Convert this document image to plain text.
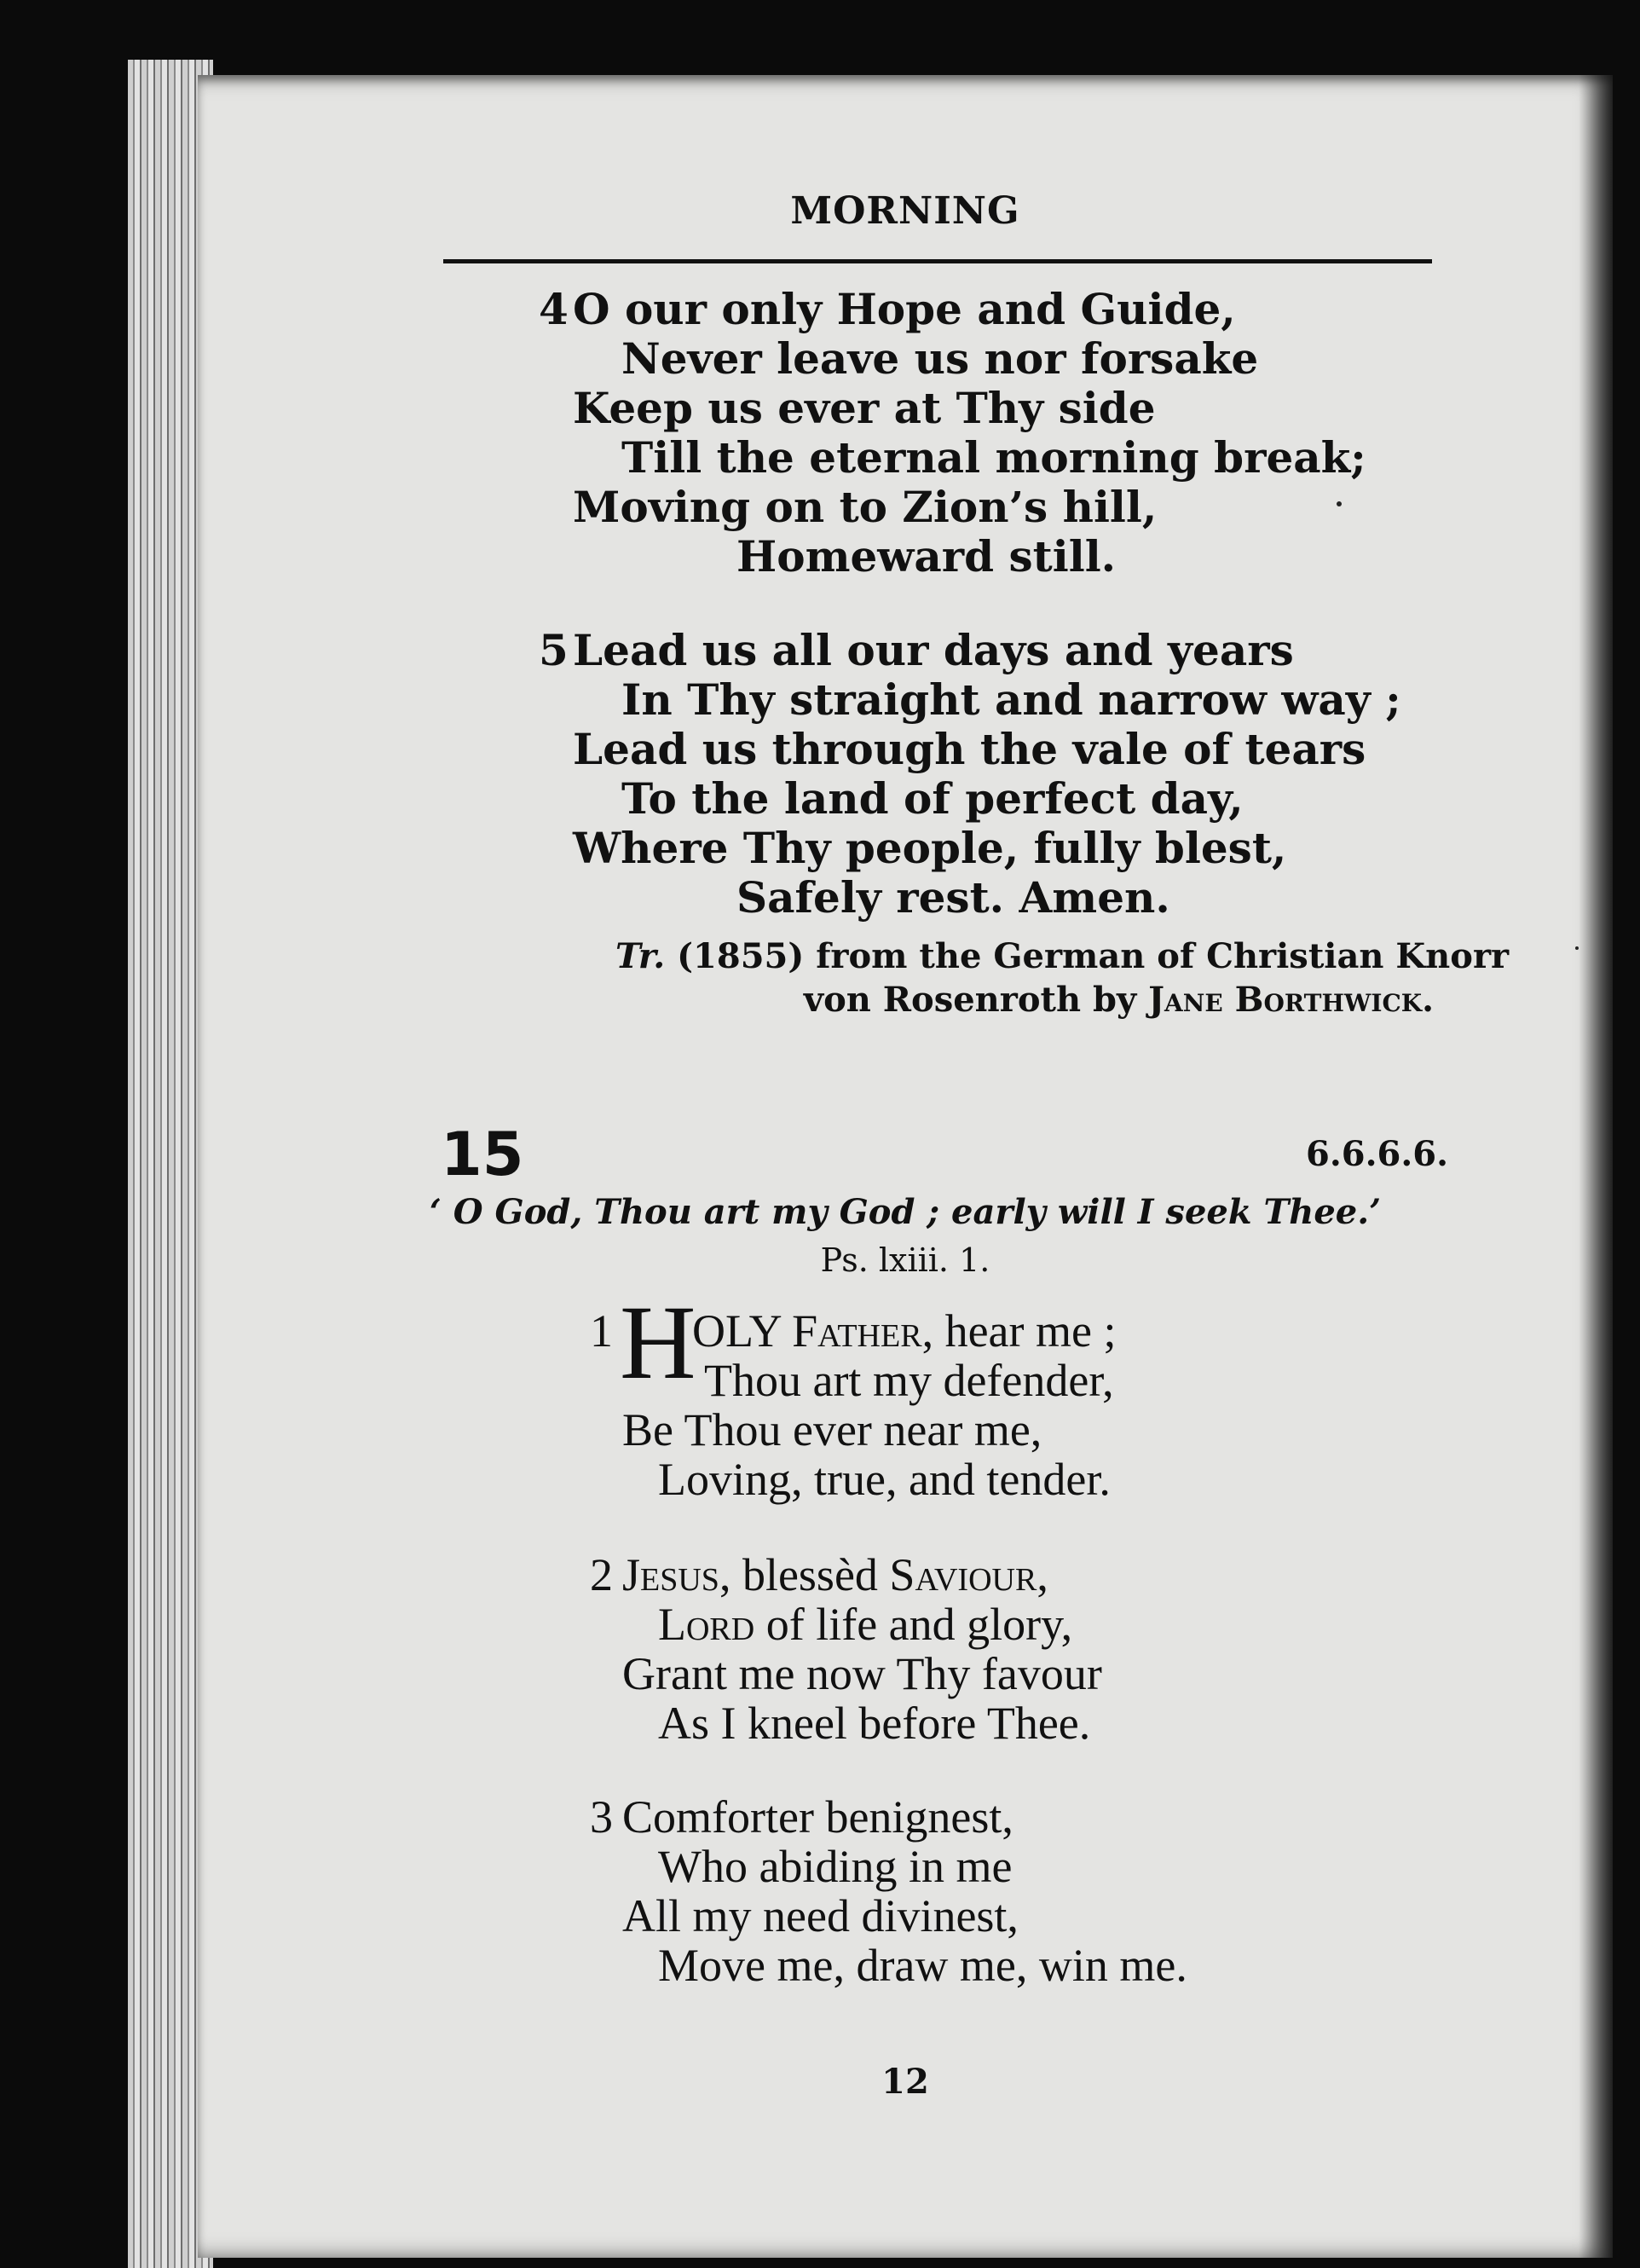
MORNING
4 O our only Hope and Guide,
Never leave us nor forsake
Keep us ever at Thy side
Till the eternal morning break;
Moving on to Zion’s hill,
Homeward still.
5 Lead us all our days and years
In Thy straight and narrow way ;
Lead us through the vale of tears
To the land of perfect day,
Where Thy people, fully blest,
Safely rest. Amen.
Tr. (1855) from the German of Christian Knorr
von Rosenroth by Jane Borthwick.
15	6.6.6.6.
‘ O God, Thou art my God ; early will I seek Thee.’
Ps. lxiii. 1.
1 H
OLY Father, hear me ;
Thou art my defender,
Be Thou ever near me,
Loving, true, and tender.
2 Jesus, blessèd Saviour,
Lord of life and glory,
Grant me now Thy favour
As I kneel before Thee.
3 Comforter benignest,
Who abiding in me
All my need divinest,
Move me, draw me, win me.
12
